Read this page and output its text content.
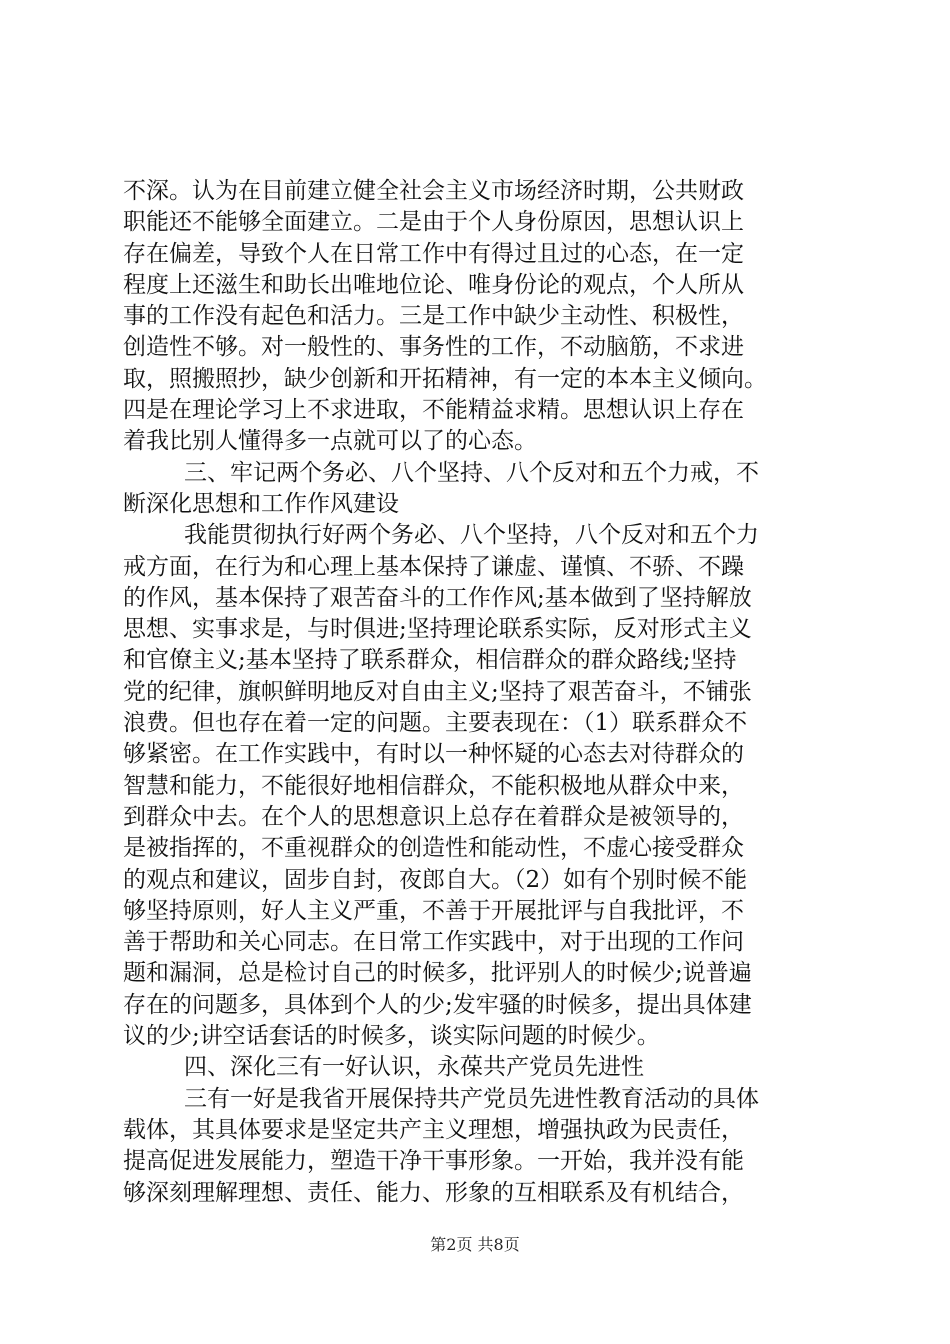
不深。认为在目前建立健全社会主义市场经济时期，公共财政
职能还不能够全面建立。二是由于个人身份原因，思想认识上
存在偏差，导致个人在日常工作中有得过且过的心态，在一定
程度上还滋生和助长出唯地位论、唯身份论的观点，个人所从
事的工作没有起色和活力。三是工作中缺少主动性、积极性，
创造性不够。对一般性的、事务性的工作，不动脑筋，不求进
取，照搬照抄，缺少创新和开拓精神，有一定的本本主义倾向。
四是在理论学习上不求进取，不能精益求精。思想认识上存在
着我比别人懂得多一点就可以了的心态。
三、牢记两个务必、八个坚持、八个反对和五个力戒，不
断深化思想和工作作风建设
我能贯彻执行好两个务必、八个坚持，八个反对和五个力
戒方面，在行为和心理上基本保持了谦虚、谨慎、不骄、不躁
的作风，基本保持了艰苦奋斗的工作作风;基本做到了坚持解放
思想、实事求是，与时俱进;坚持理论联系实际，反对形式主义
和官僚主义;基本坚持了联系群众，相信群众的群众路线;坚持
党的纪律，旗帜鲜明地反对自由主义;坚持了艰苦奋斗，不铺张
浪费。但也存在着一定的问题。主要表现在：（1）联系群众不
够紧密。在工作实践中，有时以一种怀疑的心态去对待群众的
智慧和能力，不能很好地相信群众，不能积极地从群众中来，
到群众中去。在个人的思想意识上总存在着群众是被领导的，
是被指挥的，不重视群众的创造性和能动性，不虚心接受群众
的观点和建议，固步自封，夜郎自大。（2）如有个别时候不能
够坚持原则，好人主义严重，不善于开展批评与自我批评，不
善于帮助和关心同志。在日常工作实践中，对于出现的工作问
题和漏洞，总是检讨自己的时候多，批评别人的时候少;说普遍
存在的问题多，具体到个人的少;发牢骚的时候多，提出具体建
议的少;讲空话套话的时候多，谈实际问题的时候少。
四、深化三有一好认识，永葆共产党员先进性
三有一好是我省开展保持共产党员先进性教育活动的具体
载体，其具体要求是坚定共产主义理想，增强执政为民责任，
提高促进发展能力，塑造干净干事形象。一开始，我并没有能
够深刻理解理想、责任、能力、形象的互相联系及有机结合，
第2页 共8页
